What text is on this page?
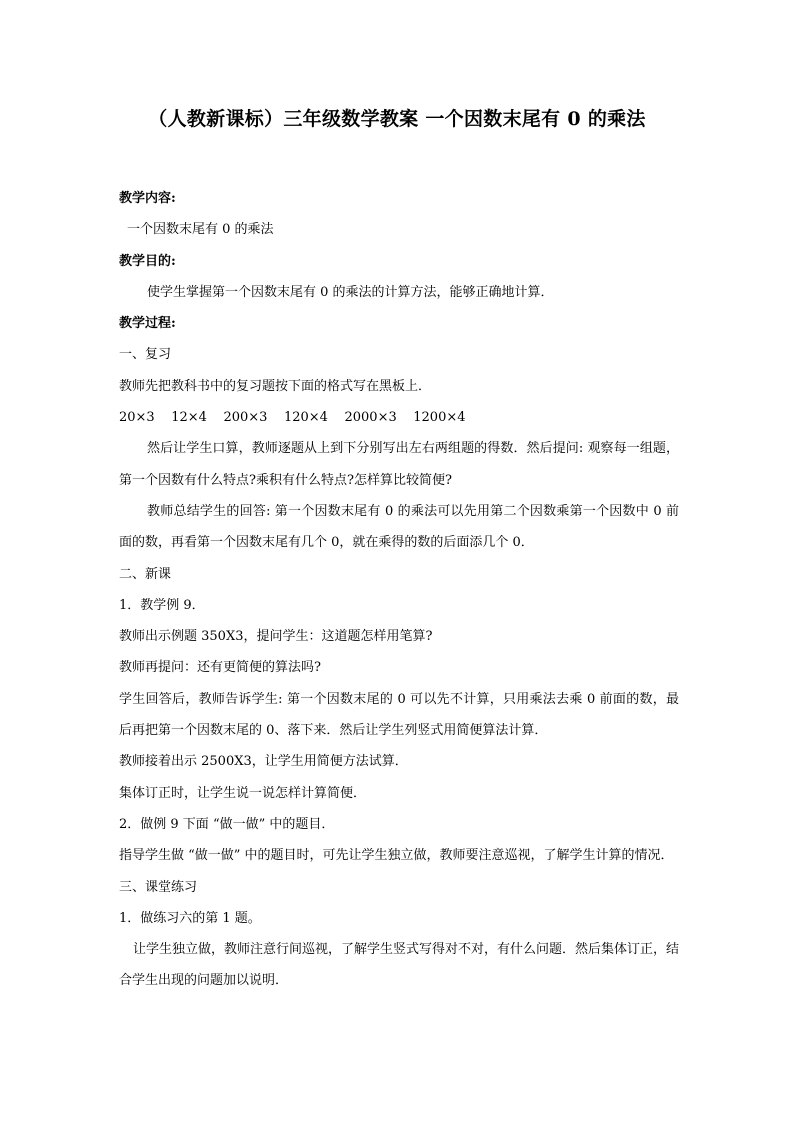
（人教新课标）三年级数学教案 一个因数末尾有 0 的乘法

教学内容:

一个因数末尾有 0 的乘法

教学目的:

使学生掌握第一个因数末尾有 0 的乘法的计算方法，能够正确地计算．

教学过程:

一、复习

教师先把教科书中的复习题按下面的格式写在黑板上．

20×3    12×4    200×3    120×4    2000×3    1200×4

然后让学生口算，教师逐题从上到下分别写出左右两组题的得数．然后提问: 观察每一组题，第一个因数有什么特点?乘积有什么特点?怎样算比较简便?

教师总结学生的回答: 第一个因数末尾有 0 的乘法可以先用第二个因数乘第一个因数中 0 前面的数，再看第一个因数末尾有几个 0，就在乘得的数的后面添几个 0．

二、新课

1．教学例 9．

教师出示例题 350X3，提问学生：这道题怎样用笔算?

教师再提问：还有更简便的算法吗?

学生回答后，教师告诉学生: 第一个因数末尾的 0 可以先不计算，只用乘法去乘 0 前面的数，最后再把第一个因数末尾的 0、落下来．然后让学生列竖式用简便算法计算．

教师接着出示 2500X3，让学生用简便方法试算．

集体订正时，让学生说一说怎样计算简便．

2．做例 9 下面 “做一做” 中的题目．

指导学生做 “做一做” 中的题目时，可先让学生独立做，教师要注意巡视，了解学生计算的情况．

三、课堂练习

1．做练习六的第 1 题。

让学生独立做，教师注意行间巡视，了解学生竖式写得对不对，有什么问题．然后集体订正，结合学生出现的问题加以说明．
